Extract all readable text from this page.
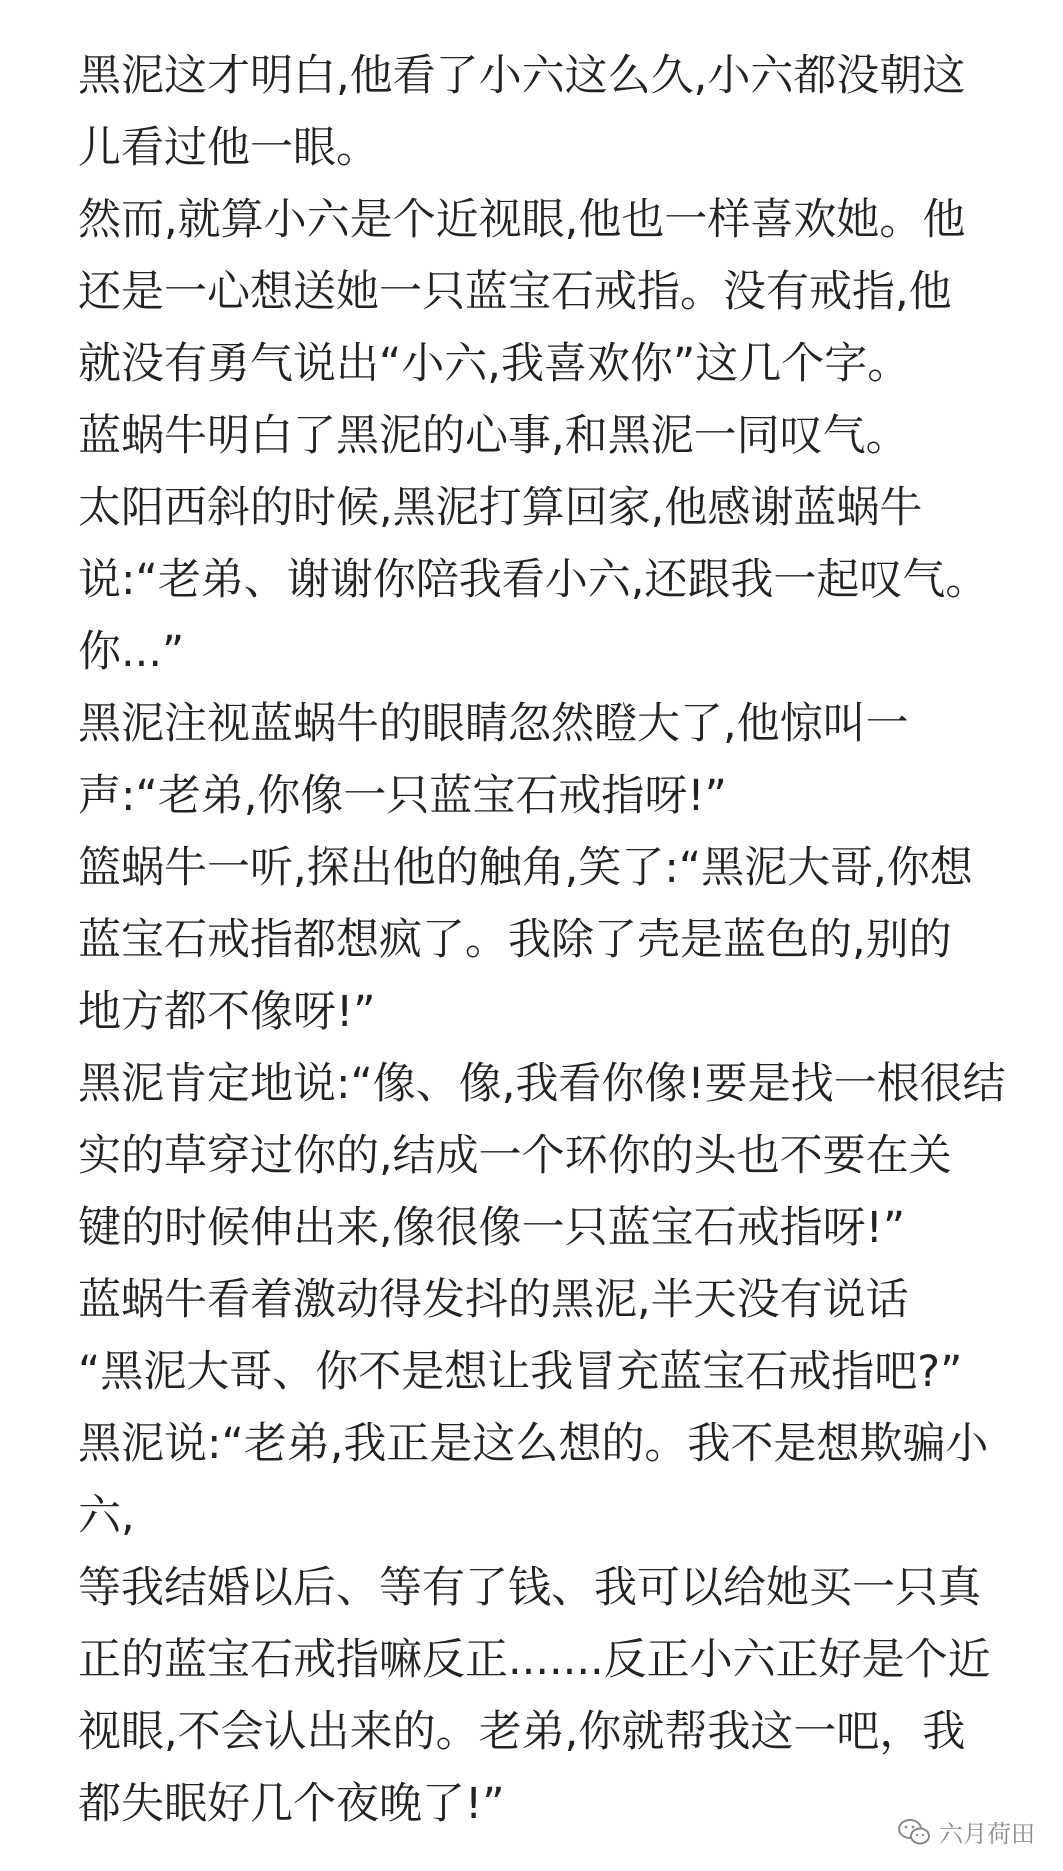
黑泥这才明白,他看了小六这么久,小六都没朝这
儿看过他一眼。
然而,就算小六是个近视眼,他也一样喜欢她。他
还是一心想送她一只蓝宝石戒指。没有戒指,他
就没有勇气说出“小六,我喜欢你”这几个字。
蓝蜗牛明白了黑泥的心事,和黑泥一同叹气。
太阳西斜的时候,黑泥打算回家,他感谢蓝蜗牛
说:“老弟、谢谢你陪我看小六,还跟我一起叹气。
你...”
黑泥注视蓝蜗牛的眼睛忽然瞪大了,他惊叫一
声:“老弟,你像一只蓝宝石戒指呀!”
篮蜗牛一听,探出他的触角,笑了:“黑泥大哥,你想
蓝宝石戒指都想疯了。我除了壳是蓝色的,别的
地方都不像呀!”
黑泥肯定地说:“像、像,我看你像!要是找一根很结
实的草穿过你的,结成一个环你的头也不要在关
键的时候伸出来,像很像一只蓝宝石戒指呀!”
蓝蜗牛看着激动得发抖的黑泥,半天没有说话
“黑泥大哥、你不是想让我冒充蓝宝石戒指吧?”
黑泥说:“老弟,我正是这么想的。我不是想欺骗小
六,
等我结婚以后、等有了钱、我可以给她买一只真
正的蓝宝石戒指嘛反正.......反正小六正好是个近
视眼,不会认出来的。老弟,你就帮我这一吧，我
都失眠好几个夜晚了!”
六月荷田
